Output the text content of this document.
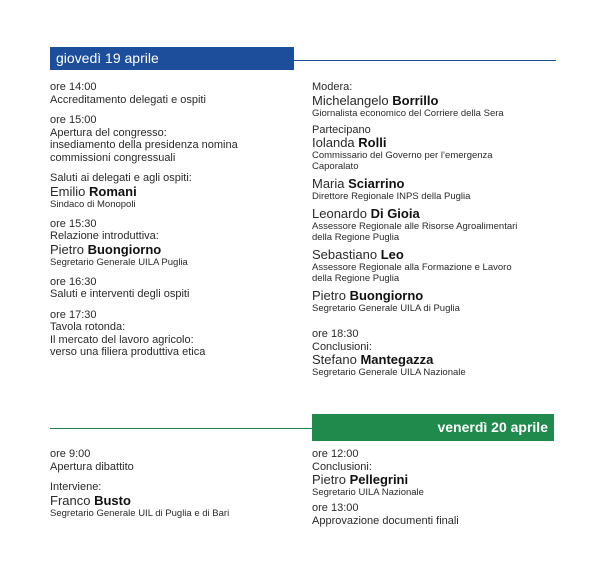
giovedì 19 aprile
ore 14:00
Accreditamento delegati e ospiti
ore 15:00
Apertura del congresso:
insediamento della presidenza nomina
commissioni congressuali
Saluti ai delegati e agli ospiti:
Emilio Romani
Sindaco di Monopoli
ore 15:30
Relazione introduttiva:
Pietro Buongiorno
Segretario Generale UILA Puglia
ore 16:30
Saluti e interventi degli ospiti
ore 17:30
Tavola rotonda:
Il mercato del lavoro agricolo:
verso una filiera produttiva etica
Modera:
Michelangelo Borrillo
Giornalista economico del Corriere della Sera
Partecipano
Iolanda Rolli
Commissario del Governo per l’emergenza
Caporalato
Maria Sciarrino
Direttore Regionale INPS della Puglia
Leonardo Di Gioia
Assessore Regionale alle Risorse Agroalimentari
della Regione Puglia
Sebastiano Leo
Assessore Regionale alla Formazione e Lavoro
della Regione Puglia
Pietro Buongiorno
Segretario Generale UILA di Puglia
ore 18:30
Conclusioni:
Stefano Mantegazza
Segretario Generale UILA Nazionale
venerdì 20 aprile
ore 9:00
Apertura dibattito
Interviene:
Franco Busto
Segretario Generale UIL di Puglia e di Bari
ore 12:00
Conclusioni:
Pietro Pellegrini
Segretario UILA Nazionale
ore 13:00
Approvazione documenti finali
